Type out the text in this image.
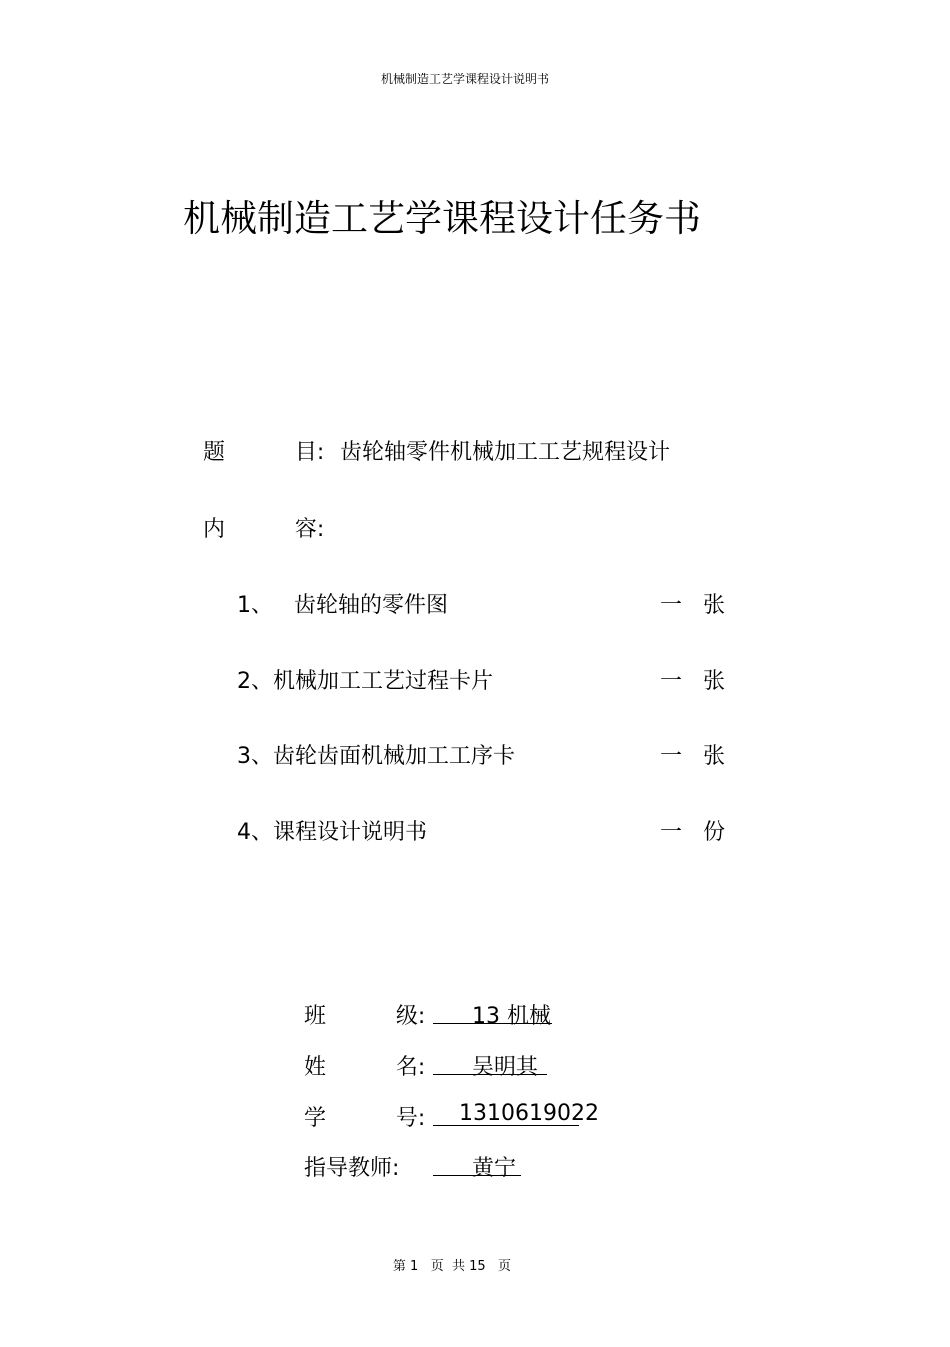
机械制造工艺学课程设计说明书
机械制造工艺学课程设计任务书
题          目: 齿轮轴零件机械加工工艺规程设计
内          容:
1、   齿轮轴的零件图	一   张
2、机械加工工艺过程卡片	一   张
3、齿轮齿面机械加工工序卡	一   张
4、课程设计说明书	一   份
班          级: 13 机械
姓          名: 吴明其
学          号: 1310619022
指导教师:	黄宁
第 1   页  共 15   页
